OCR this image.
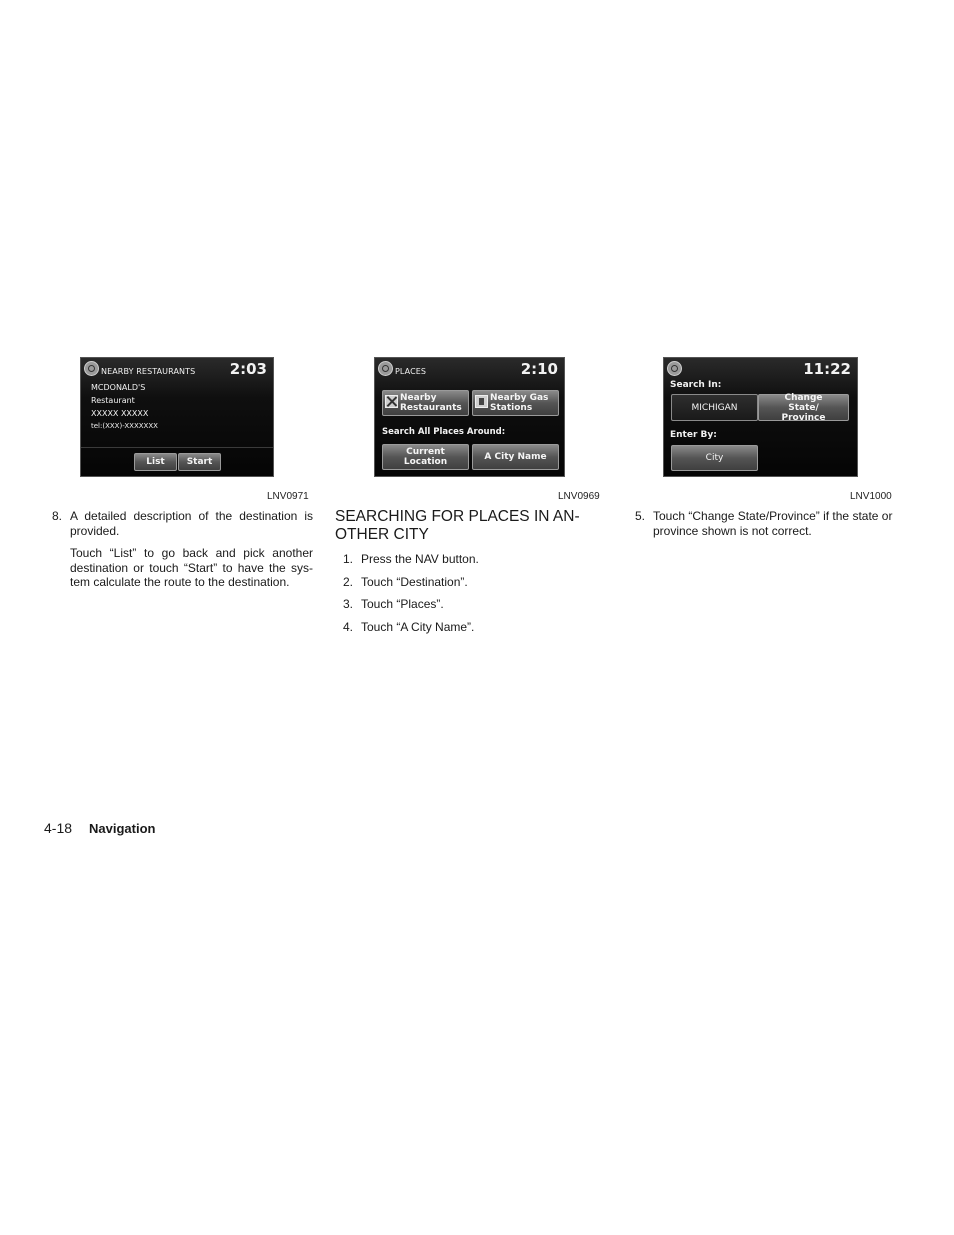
NEARBY RESTAURANTS 2:03
MCDONALD'S
Restaurant
XXXXX XXXXX
tel:(XXX)-XXXXXXX
List	Start
LNV0971
PLACES	2:10
Nearby Restaurants
Nearby Gas Stations
Search All Places Around:
Current Location	A City Name
LNV0969
11:22
Search In:
MICHIGAN
Change State/ Province
Enter By:
City
LNV1000
8. A detailed description of the destination is provided.
Touch “List” to go back and pick another destination or touch “Start” to have the sys-tem calculate the route to the destination.
SEARCHING FOR PLACES IN AN-OTHER CITY
1. Press the NAV button.
2. Touch “Destination”.
3. Touch “Places”.
4. Touch “A City Name”.
5. Touch “Change State/Province” if the state or province shown is not correct.
4-18 Navigation
